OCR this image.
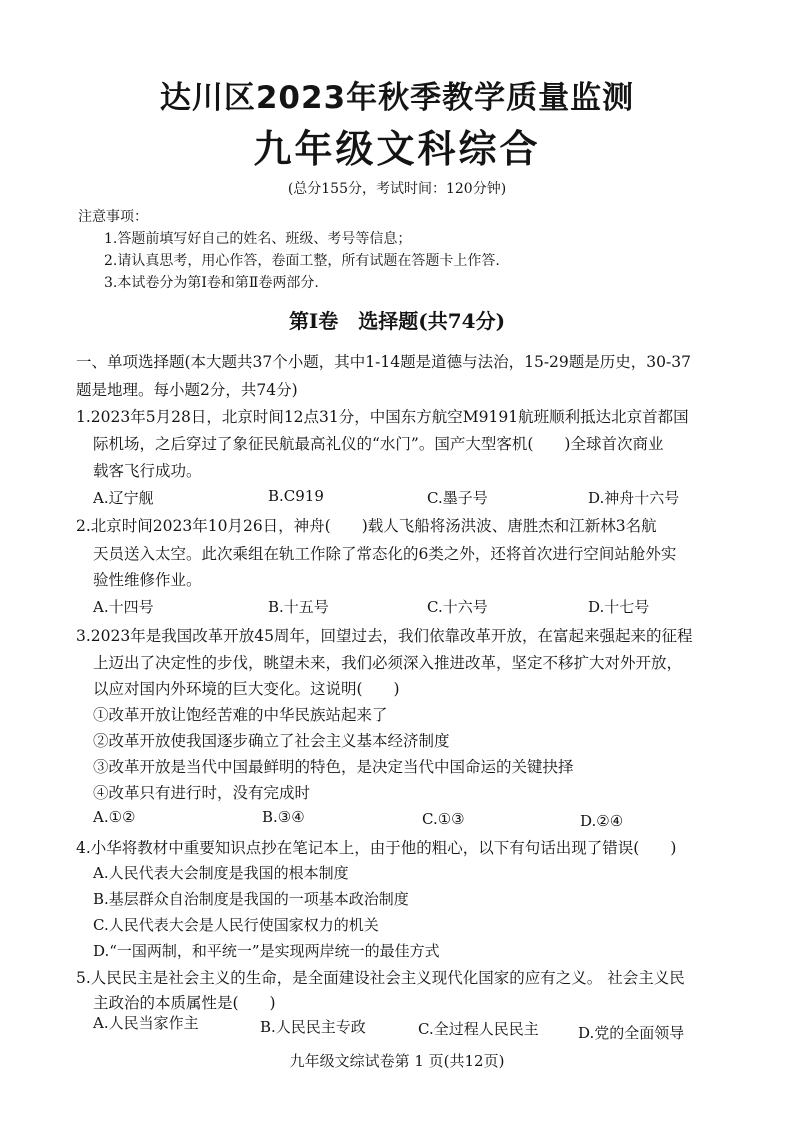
达川区2023年秋季教学质量监测
九年级文科综合
(总分155分，考试时间：120分钟)
注意事项：
1.答题前填写好自己的姓名、班级、考号等信息；
2.请认真思考，用心作答，卷面工整，所有试题在答题卡上作答.
3.本试卷分为第Ⅰ卷和第Ⅱ卷两部分.
第Ⅰ卷　选择题(共74分)
一、单项选择题(本大题共37个小题，其中1-14题是道德与法治，15-29题是历史，30-37
题是地理。每小题2分，共74分)
1.2023年5月28日，北京时间12点31分，中国东方航空M9191航班顺利抵达北京首都国
际机场，之后穿过了象征民航最高礼仪的“水门”。国产大型客机(　　)全球首次商业
载客飞行成功。
A.辽宁舰	B.C919	C.墨子号	D.神舟十六号
2.北京时间2023年10月26日，神舟(　　)载人飞船将汤洪波、唐胜杰和江新林3名航
天员送入太空。此次乘组在轨工作除了常态化的6类之外，还将首次进行空间站舱外实
验性维修作业。
A.十四号	B.十五号	C.十六号	D.十七号
3.2023年是我国改革开放45周年，回望过去，我们依靠改革开放，在富起来强起来的征程
上迈出了决定性的步伐，眺望未来，我们必须深入推进改革，坚定不移扩大对外开放，
以应对国内外环境的巨大变化。这说明(　　)
①改革开放让饱经苦难的中华民族站起来了
②改革开放使我国逐步确立了社会主义基本经济制度
③改革开放是当代中国最鲜明的特色，是决定当代中国命运的关键抉择
④改革只有进行时，没有完成时
A.①②	B.③④	C.①③	D.②④
4.小华将教材中重要知识点抄在笔记本上，由于他的粗心，以下有句话出现了错误(　　)
A.人民代表大会制度是我国的根本制度
B.基层群众自治制度是我国的一项基本政治制度
C.人民代表大会是人民行使国家权力的机关
D.“一国两制，和平统一”是实现两岸统一的最佳方式
5.人民民主是社会主义的生命，是全面建设社会主义现代化国家的应有之义。 社会主义民
主政治的本质属性是(　　)
A.人民当家作主	B.人民民主专政	C.全过程人民民主	D.党的全面领导
九年级文综试卷第 1 页(共12页)
